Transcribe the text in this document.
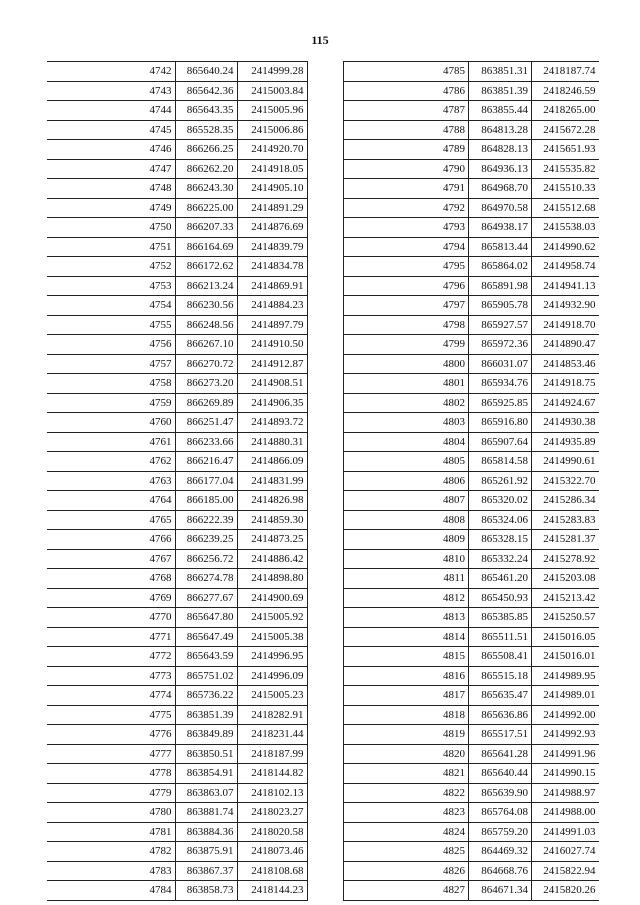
115
4742	865640.24	2414999.28
4743	865642.36	2415003.84
4744	865643.35	2415005.96
4745	865528.35	2415006.86
4746	866266.25	2414920.70
4747	866262.20	2414918.05
4748	866243.30	2414905.10
4749	866225.00	2414891.29
4750	866207.33	2414876.69
4751	866164.69	2414839.79
4752	866172.62	2414834.78
4753	866213.24	2414869.91
4754	866230.56	2414884.23
4755	866248.56	2414897.79
4756	866267.10	2414910.50
4757	866270.72	2414912.87
4758	866273.20	2414908.51
4759	866269.89	2414906.35
4760	866251.47	2414893.72
4761	866233.66	2414880.31
4762	866216.47	2414866.09
4763	866177.04	2414831.99
4764	866185.00	2414826.98
4765	866222.39	2414859.30
4766	866239.25	2414873.25
4767	866256.72	2414886.42
4768	866274.78	2414898.80
4769	866277.67	2414900.69
4770	865647.80	2415005.92
4771	865647.49	2415005.38
4772	865643.59	2414996.95
4773	865751.02	2414996.09
4774	865736.22	2415005.23
4775	863851.39	2418282.91
4776	863849.89	2418231.44
4777	863850.51	2418187.99
4778	863854.91	2418144.82
4779	863863.07	2418102.13
4780	863881.74	2418023.27
4781	863884.36	2418020.58
4782	863875.91	2418073.46
4783	863867.37	2418108.68
4784	863858.73	2418144.23
4785	863851.31	2418187.74
4786	863851.39	2418246.59
4787	863855.44	2418265.00
4788	864813.28	2415672.28
4789	864828.13	2415651.93
4790	864936.13	2415535.82
4791	864968.70	2415510.33
4792	864970.58	2415512.68
4793	864938.17	2415538.03
4794	865813.44	2414990.62
4795	865864.02	2414958.74
4796	865891.98	2414941.13
4797	865905.78	2414932.90
4798	865927.57	2414918.70
4799	865972.36	2414890.47
4800	866031.07	2414853.46
4801	865934.76	2414918.75
4802	865925.85	2414924.67
4803	865916.80	2414930.38
4804	865907.64	2414935.89
4805	865814.58	2414990.61
4806	865261.92	2415322.70
4807	865320.02	2415286.34
4808	865324.06	2415283.83
4809	865328.15	2415281.37
4810	865332.24	2415278.92
4811	865461.20	2415203.08
4812	865450.93	2415213.42
4813	865385.85	2415250.57
4814	865511.51	2415016.05
4815	865508.41	2415016.01
4816	865515.18	2414989.95
4817	865635.47	2414989.01
4818	865636.86	2414992.00
4819	865517.51	2414992.93
4820	865641.28	2414991.96
4821	865640.44	2414990.15
4822	865639.90	2414988.97
4823	865764.08	2414988.00
4824	865759.20	2414991.03
4825	864469.32	2416027.74
4826	864668.76	2415822.94
4827	864671.34	2415820.26
